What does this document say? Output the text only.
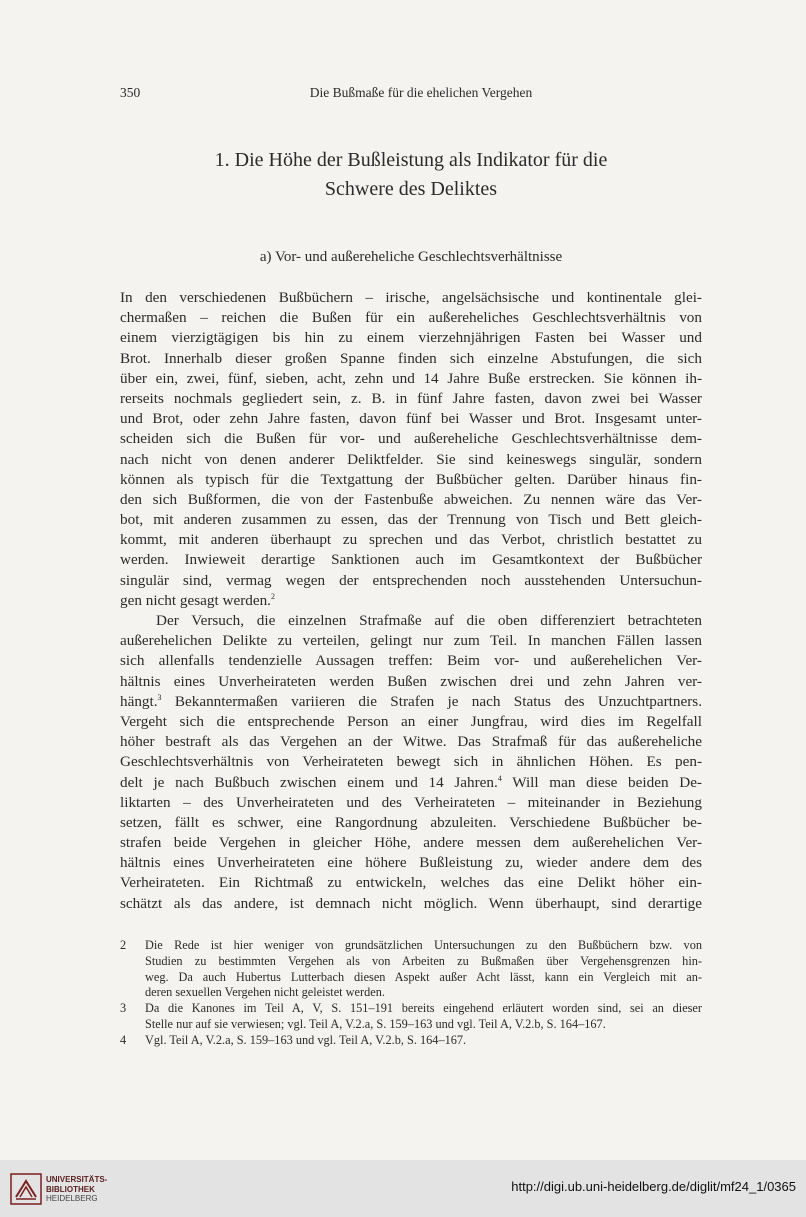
350	Die Bußmaße für die ehelichen Vergehen
1. Die Höhe der Bußleistung als Indikator für die
Schwere des Deliktes
a) Vor- und außereheliche Geschlechtsverhältnisse
In den verschiedenen Bußbüchern – irische, angelsächsische und kontinentale glei-
chermaßen – reichen die Bußen für ein außereheliches Geschlechtsverhältnis von
einem vierzigtägigen bis hin zu einem vierzehnjährigen Fasten bei Wasser und
Brot. Innerhalb dieser großen Spanne finden sich einzelne Abstufungen, die sich
über ein, zwei, fünf, sieben, acht, zehn und 14 Jahre Buße erstrecken. Sie können ih-
rerseits nochmals gegliedert sein, z. B. in fünf Jahre fasten, davon zwei bei Wasser
und Brot, oder zehn Jahre fasten, davon fünf bei Wasser und Brot. Insgesamt unter-
scheiden sich die Bußen für vor- und außereheliche Geschlechtsverhältnisse dem-
nach nicht von denen anderer Deliktfelder. Sie sind keineswegs singulär, sondern
können als typisch für die Textgattung der Bußbücher gelten. Darüber hinaus fin-
den sich Bußformen, die von der Fastenbuße abweichen. Zu nennen wäre das Ver-
bot, mit anderen zusammen zu essen, das der Trennung von Tisch und Bett gleich-
kommt, mit anderen überhaupt zu sprechen und das Verbot, christlich bestattet zu
werden. Inwieweit derartige Sanktionen auch im Gesamtkontext der Bußbücher
singulär sind, vermag wegen der entsprechenden noch ausstehenden Untersuchun-
gen nicht gesagt werden.$^2$
Der Versuch, die einzelnen Strafmaße auf die oben differenziert betrachteten
außerehelichen Delikte zu verteilen, gelingt nur zum Teil. In manchen Fällen lassen
sich allenfalls tendenzielle Aussagen treffen: Beim vor- und außerehelichen Ver-
hältnis eines Unverheirateten werden Bußen zwischen drei und zehn Jahren ver-
hängt.$^3$ Bekanntermaßen variieren die Strafen je nach Status des Unzuchtpartners.
Vergeht sich die entsprechende Person an einer Jungfrau, wird dies im Regelfall
höher bestraft als das Vergehen an der Witwe. Das Strafmaß für das außereheliche
Geschlechtsverhältnis von Verheirateten bewegt sich in ähnlichen Höhen. Es pen-
delt je nach Bußbuch zwischen einem und 14 Jahren.$^4$ Will man diese beiden De-
liktarten – des Unverheirateten und des Verheirateten – miteinander in Beziehung
setzen, fällt es schwer, eine Rangordnung abzuleiten. Verschiedene Bußbücher be-
strafen beide Vergehen in gleicher Höhe, andere messen dem außerehelichen Ver-
hältnis eines Unverheirateten eine höhere Bußleistung zu, wieder andere dem des
Verheirateten. Ein Richtmaß zu entwickeln, welches das eine Delikt höher ein-
schätzt als das andere, ist demnach nicht möglich. Wenn überhaupt, sind derartige
2 Die Rede ist hier weniger von grundsätzlichen Untersuchungen zu den Bußbüchern bzw. von
Studien zu bestimmten Vergehen als von Arbeiten zu Bußmaßen über Vergehensgrenzen hin-
weg. Da auch Hubertus Lutterbach diesen Aspekt außer Acht lässt, kann ein Vergleich mit an-
deren sexuellen Vergehen nicht geleistet werden.
3 Da die Kanones im Teil A, V, S. 151–191 bereits eingehend erläutert worden sind, sei an dieser
Stelle nur auf sie verwiesen; vgl. Teil A, V.2.a, S. 159–163 und vgl. Teil A, V.2.b, S. 164–167.
4 Vgl. Teil A, V.2.a, S. 159–163 und vgl. Teil A, V.2.b, S. 164–167.
UNIVERSITÄTS-
BIBLIOTHEK
HEIDELBERG
http://digi.ub.uni-heidelberg.de/diglit/mf24_1/0365
